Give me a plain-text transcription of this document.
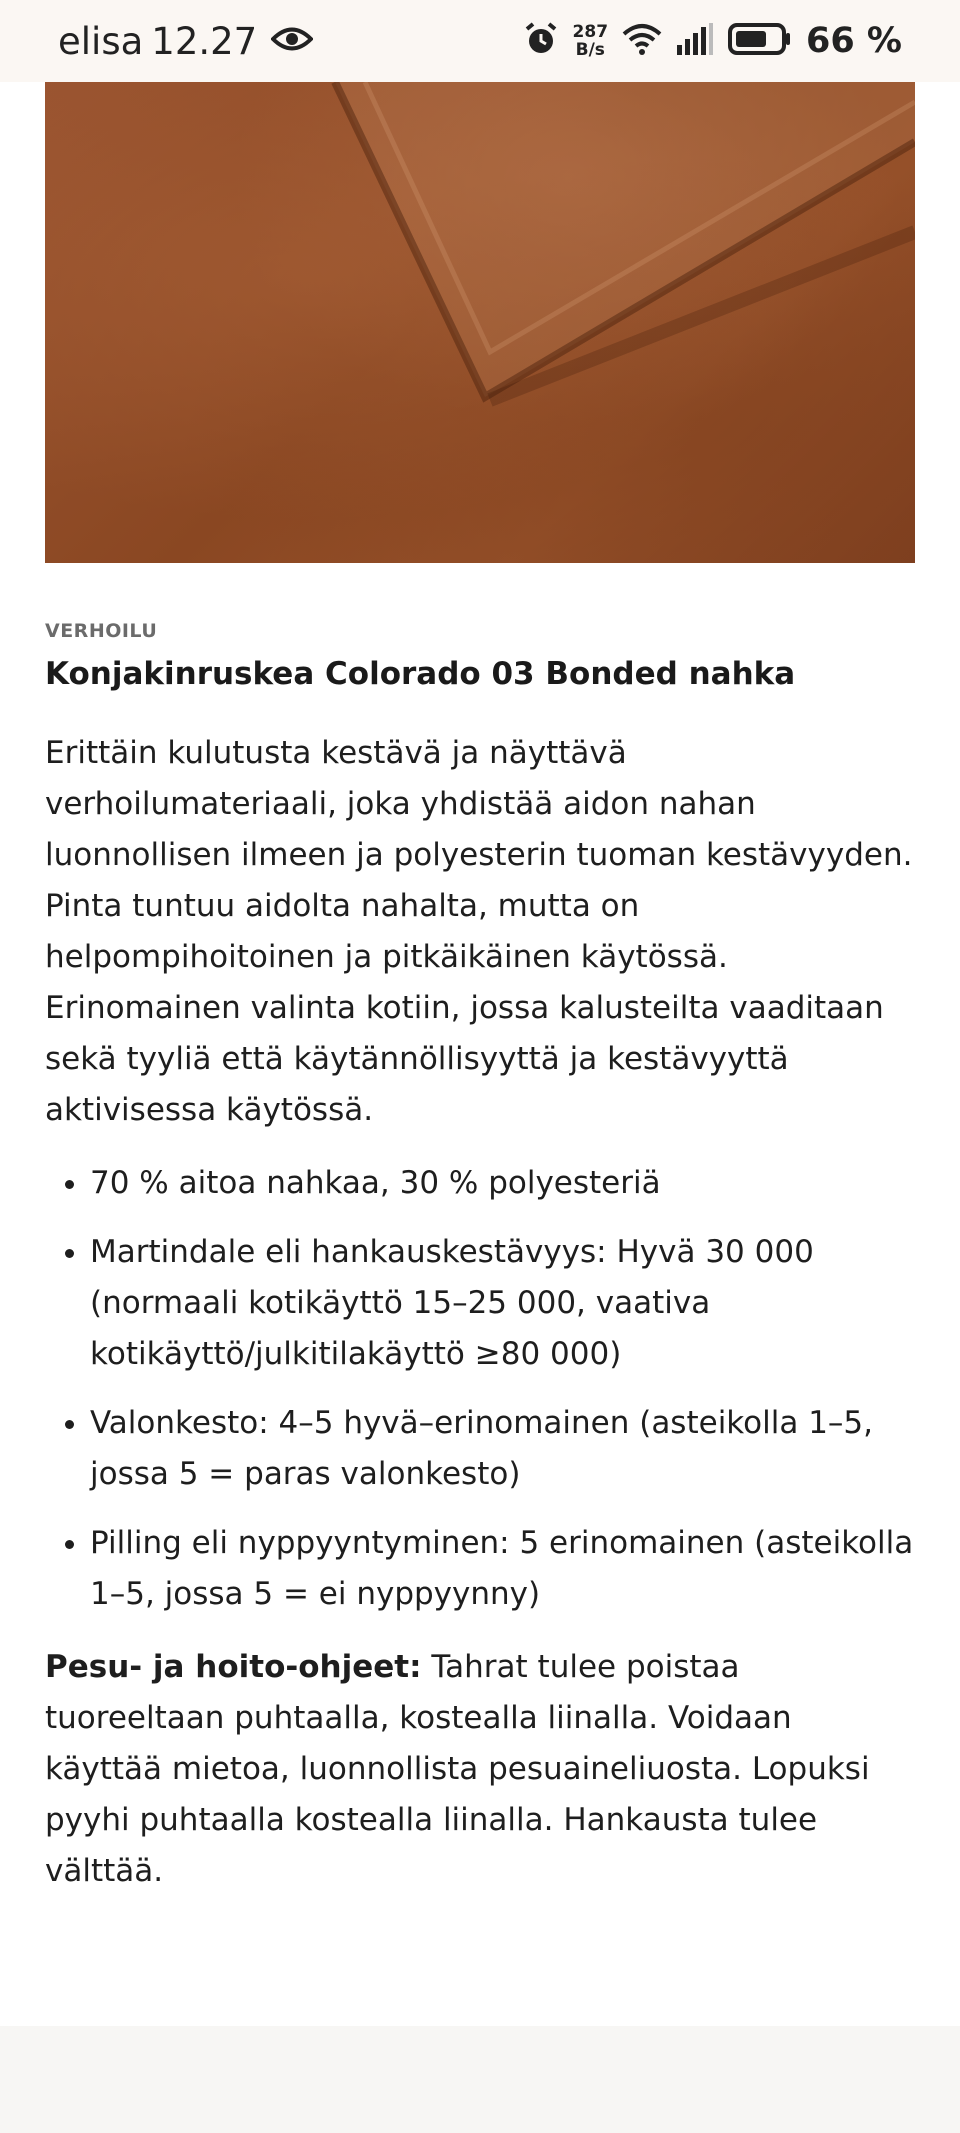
elisa 12.27	287
B/s	66 %
VERHOILU
Konjakinruskea Colorado 03 Bonded nahka

Erittäin kulutusta kestävä ja näyttävä verhoilumateriaali, joka yhdistää aidon nahan luonnollisen ilmeen ja polyesterin tuoman kestävyyden. Pinta tuntuu aidolta nahalta, mutta on helpompihoitoinen ja pitkäikäinen käytössä. Erinomainen valinta kotiin, jossa kalusteilta vaaditaan sekä tyyliä että käytännöllisyyttä ja kestävyyttä aktivisessa käytössä.

• 70 % aitoa nahkaa, 30 % polyesteriä
• Martindale eli hankauskestävyys: Hyvä 30 000 (normaali kotikäyttö 15–25 000, vaativa kotikäyttö/julkitilakäyttö ≥80 000)
• Valonkesto: 4–5 hyvä–erinomainen (asteikolla 1–5, jossa 5 = paras valonkesto)
• Pilling eli nyppyyntyminen: 5 erinomainen (asteikolla 1–5, jossa 5 = ei nyppyynny)

Pesu- ja hoito-ohjeet: Tahrat tulee poistaa tuoreeltaan puhtaalla, kostealla liinalla. Voidaan käyttää mietoa, luonnollista pesuaineliuosta. Lopuksi pyyhi puhtaalla kostealla liinalla. Hankausta tulee välttää.
